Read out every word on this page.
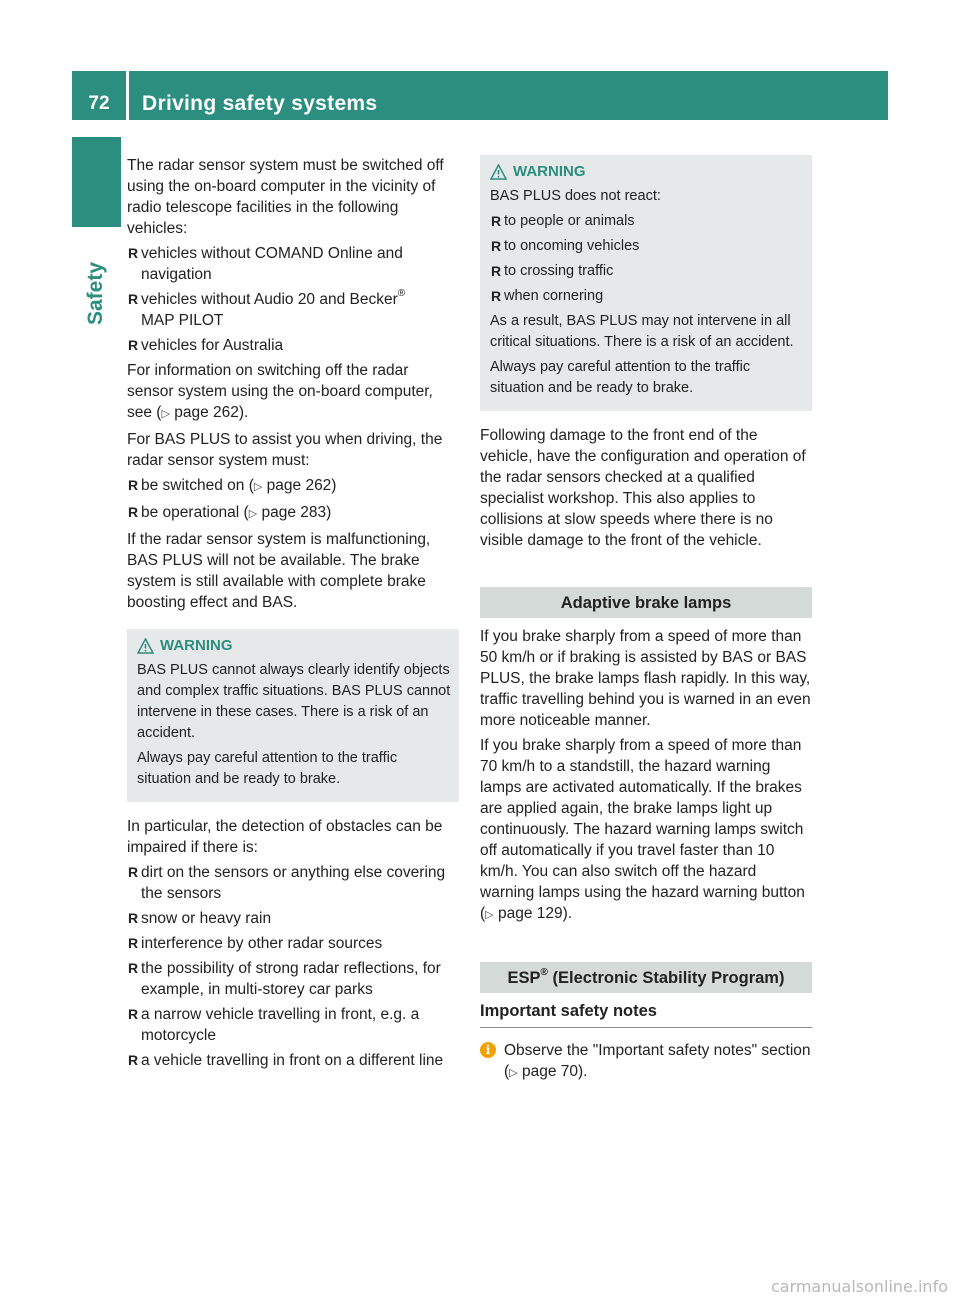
72	Driving safety systems
Safety

The radar sensor system must be switched off using the on-board computer in the vicinity of radio telescope facilities in the following vehicles:

R vehicles without COMAND Online and navigation
R vehicles without Audio 20 and Becker®
MAP PILOT
R vehicles for Australia

For information on switching off the radar sensor system using the on-board computer, see (▷ page 262).

For BAS PLUS to assist you when driving, the radar sensor system must:

R be switched on (▷ page 262)
R be operational (▷ page 283)

If the radar sensor system is malfunctioning, BAS PLUS will not be available. The brake system is still available with complete brake boosting effect and BAS.

WARNING

BAS PLUS cannot always clearly identify objects and complex traffic situations. BAS PLUS cannot intervene in these cases. There is a risk of an accident.

Always pay careful attention to the traffic situation and be ready to brake.

In particular, the detection of obstacles can be impaired if there is:

R dirt on the sensors or anything else covering the sensors
R snow or heavy rain
R interference by other radar sources
R the possibility of strong radar reflections, for example, in multi-storey car parks
R a narrow vehicle travelling in front, e.g. a motorcycle
R a vehicle travelling in front on a different line
WARNING

BAS PLUS does not react:

R to people or animals
R to oncoming vehicles
R to crossing traffic
R when cornering

As a result, BAS PLUS may not intervene in all critical situations. There is a risk of an accident.

Always pay careful attention to the traffic situation and be ready to brake.

Following damage to the front end of the vehicle, have the configuration and operation of the radar sensors checked at a qualified specialist workshop. This also applies to collisions at slow speeds where there is no visible damage to the front of the vehicle.

Adaptive brake lamps

If you brake sharply from a speed of more than 50 km/h or if braking is assisted by BAS or BAS PLUS, the brake lamps flash rapidly. In this way, traffic travelling behind you is warned in an even more noticeable manner.

If you brake sharply from a speed of more than 70 km/h to a standstill, the hazard warning lamps are activated automatically. If the brakes are applied again, the brake lamps light up continuously. The hazard warning lamps switch off automatically if you travel faster than 10 km/h. You can also switch off the hazard warning lamps using the hazard warning button (▷ page 129).

ESP® (Electronic Stability Program)
Important safety notes
i Observe the "Important safety notes" section (▷ page 70).

carmanualsonline.info
